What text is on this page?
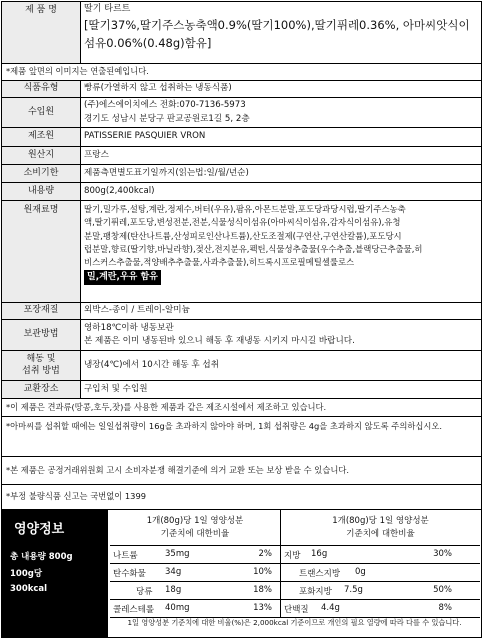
제 품 명	딸기 타르트
[딸기37%,딸기주스농축액0.9%(딸기100%),딸기퓌레0.36%, 아마씨앗식이섬유0.06%(0.48g)함유]
*제품 앞면의 이미지는 연출된예입니다.
식품유형	빵류(가열하지 않고 섭취하는 냉동식품)
수입원
(주)에스에이치에스 전화:070-7136-5973
경기도 성남시 분당구 판교공원로1길 5, 2층
제조원	PATISSERIE PASQUIER VRON
원산지	프랑스
소비기한	제품측면별도표기일까지(읽는법:일/월/년순)
내용량	800g(2,400kcal)
원재료명	딸기,밀가루,설탕,계란,정제수,버터(우유),팜유,아몬드분말,포도당과당시럽,딸기주스농축
액,딸기퓌레,포도당,변성전분,전분,식물성식이섬유(아마씨식이섬유,감자식이섬유),유청
분말,팽창제(탄산나트륨,산성피로인산나트륨),산도조절제(구연산,구연산칼륨),포도당시
럽분말,향료(딸기향,바닐라향),젖산,전지분유,펙틴,식물성추출물(우수추출,블랙당근추출물,히
비스커스추출물,적양배추추출물,사과추출물),히드록시프로필메틸셀룰로스
밀,계란,우유 함유
포장재질	외박스-종이 / 트레이-알미늄
보관방법
영하18℃이하 냉동보관
본 제품은 이미 냉동된바 있으니 해동 후 재냉동 시키지 마시길 바랍니다.
해동 및
섭취 방법
냉장(4℃)에서 10시간 해동 후 섭취
교환장소	구입처 및 수입원
*이 제품은 견과류(땅콩,호두,잣)를 사용한 제품과 같은 제조시설에서 제조하고 있습니다.
*아마씨를 섭취할 때에는 일일섭취량이 16g을 초과하지 않아야 하며, 1회 섭취량은 4g을 초과하지 않도록 주의하십시오.
*본 제품은 공정거래위원회 고시 소비자분쟁 해결기준에 의거 교환 또는 보상 받을 수 있습니다.
*부정 불량식품 신고는 국번없이 1399
영양정보
총 내용량 800g
100g당
300kcal
1개(80g)당 1일 영양성분
기준치에 대한비율
1개(80g)당 1일 영양성분
기준치에 대한비율
나트륨	35mg	2%
탄수화물 34g	10%
당류 18g	18%
콜레스테롤 40mg	13%
지방 16g	30%
트랜스지방 0g
포화지방 7.5g	50%
단백질 4.4g	8%
1일 영양성분 기준치에 대한 비율(%)은 2,000kcal 기준이므로 개인의 필요 열량에 따라 다를 수 있습니다.
